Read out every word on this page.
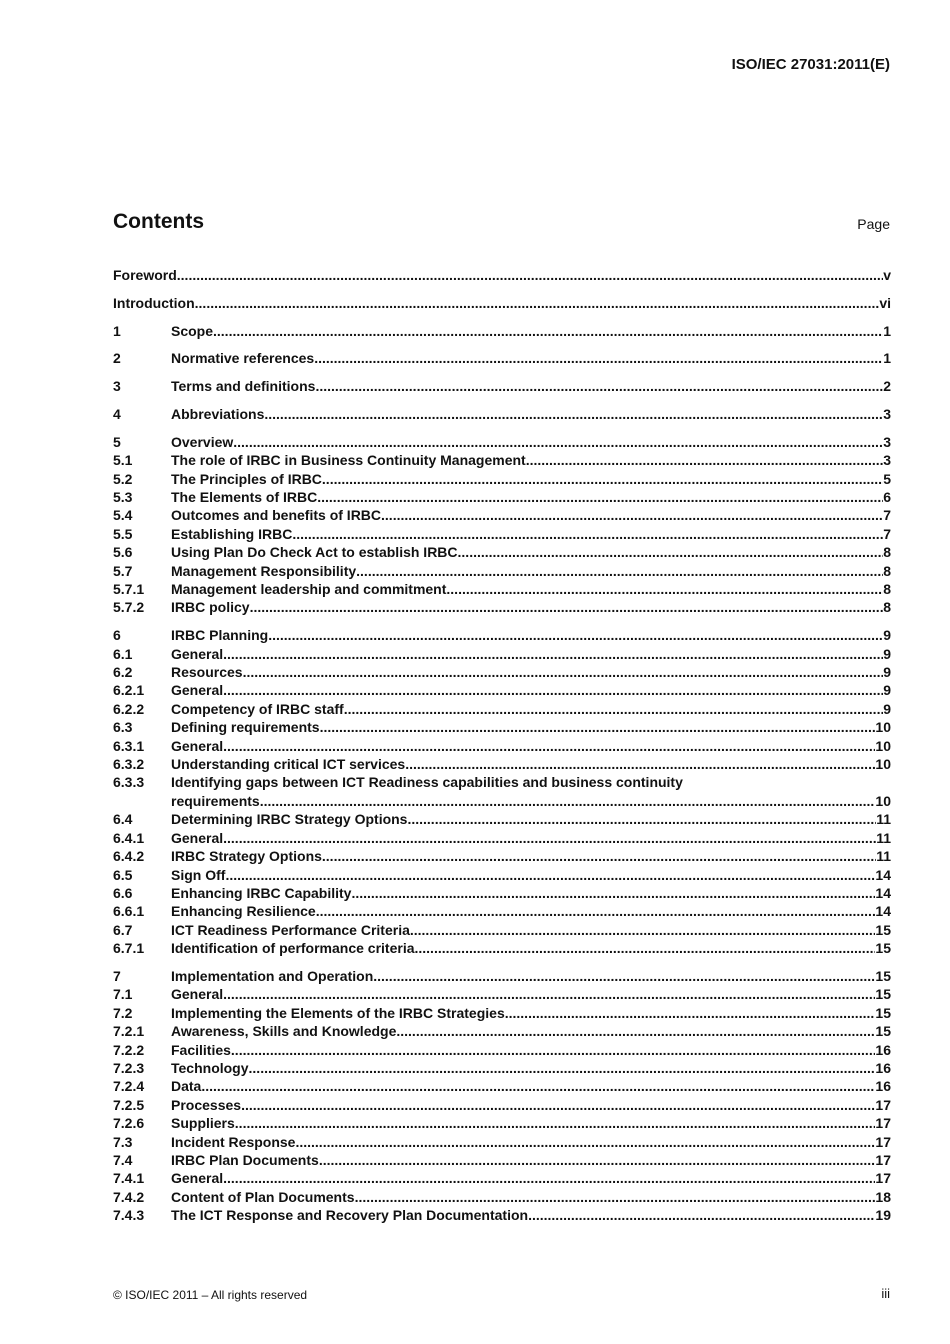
ISO/IEC 27031:2011(E)
Contents	Page
Foreword .....	v
Introduction .....	vi
1	Scope .....	1
2	Normative references .....	1
3	Terms and definitions .....	2
4	Abbreviations .....	3
5	Overview .....	3
5.1	The role of IRBC in Business Continuity Management .....	3
5.2	The Principles of IRBC .....	5
5.3	The Elements of IRBC .....	6
5.4	Outcomes and benefits of IRBC .....	7
5.5	Establishing IRBC .....	7
5.6	Using Plan Do Check Act to establish IRBC .....	8
5.7	Management Responsibility .....	8
5.7.1	Management leadership and commitment .....	8
5.7.2	IRBC policy .....	8
6	IRBC Planning .....	9
6.1	General .....	9
6.2	Resources .....	9
6.2.1	General .....	9
6.2.2	Competency of IRBC staff .....	9
6.3	Defining requirements .....	10
6.3.1	General .....	10
6.3.2	Understanding critical ICT services .....	10
6.3.3	Identifying gaps between ICT Readiness capabilities and business continuity
requirements .....	10
6.4	Determining IRBC Strategy Options .....	11
6.4.1	General .....	11
6.4.2	IRBC Strategy Options .....	11
6.5	Sign Off .....	14
6.6	Enhancing IRBC Capability .....	14
6.6.1	Enhancing Resilience .....	14
6.7	ICT Readiness Performance Criteria .....	15
6.7.1	Identification of performance criteria .....	15
7	Implementation and Operation .....	15
7.1	General .....	15
7.2	Implementing the Elements of the IRBC Strategies .....	15
7.2.1	Awareness, Skills and Knowledge .....	15
7.2.2	Facilities .....	16
7.2.3	Technology .....	16
7.2.4	Data .....	16
7.2.5	Processes .....	17
7.2.6	Suppliers .....	17
7.3	Incident Response .....	17
7.4	IRBC Plan Documents .....	17
7.4.1	General .....	17
7.4.2	Content of Plan Documents .....	18
7.4.3	The ICT Response and Recovery Plan Documentation .....	19
© ISO/IEC 2011 – All rights reserved	iii
